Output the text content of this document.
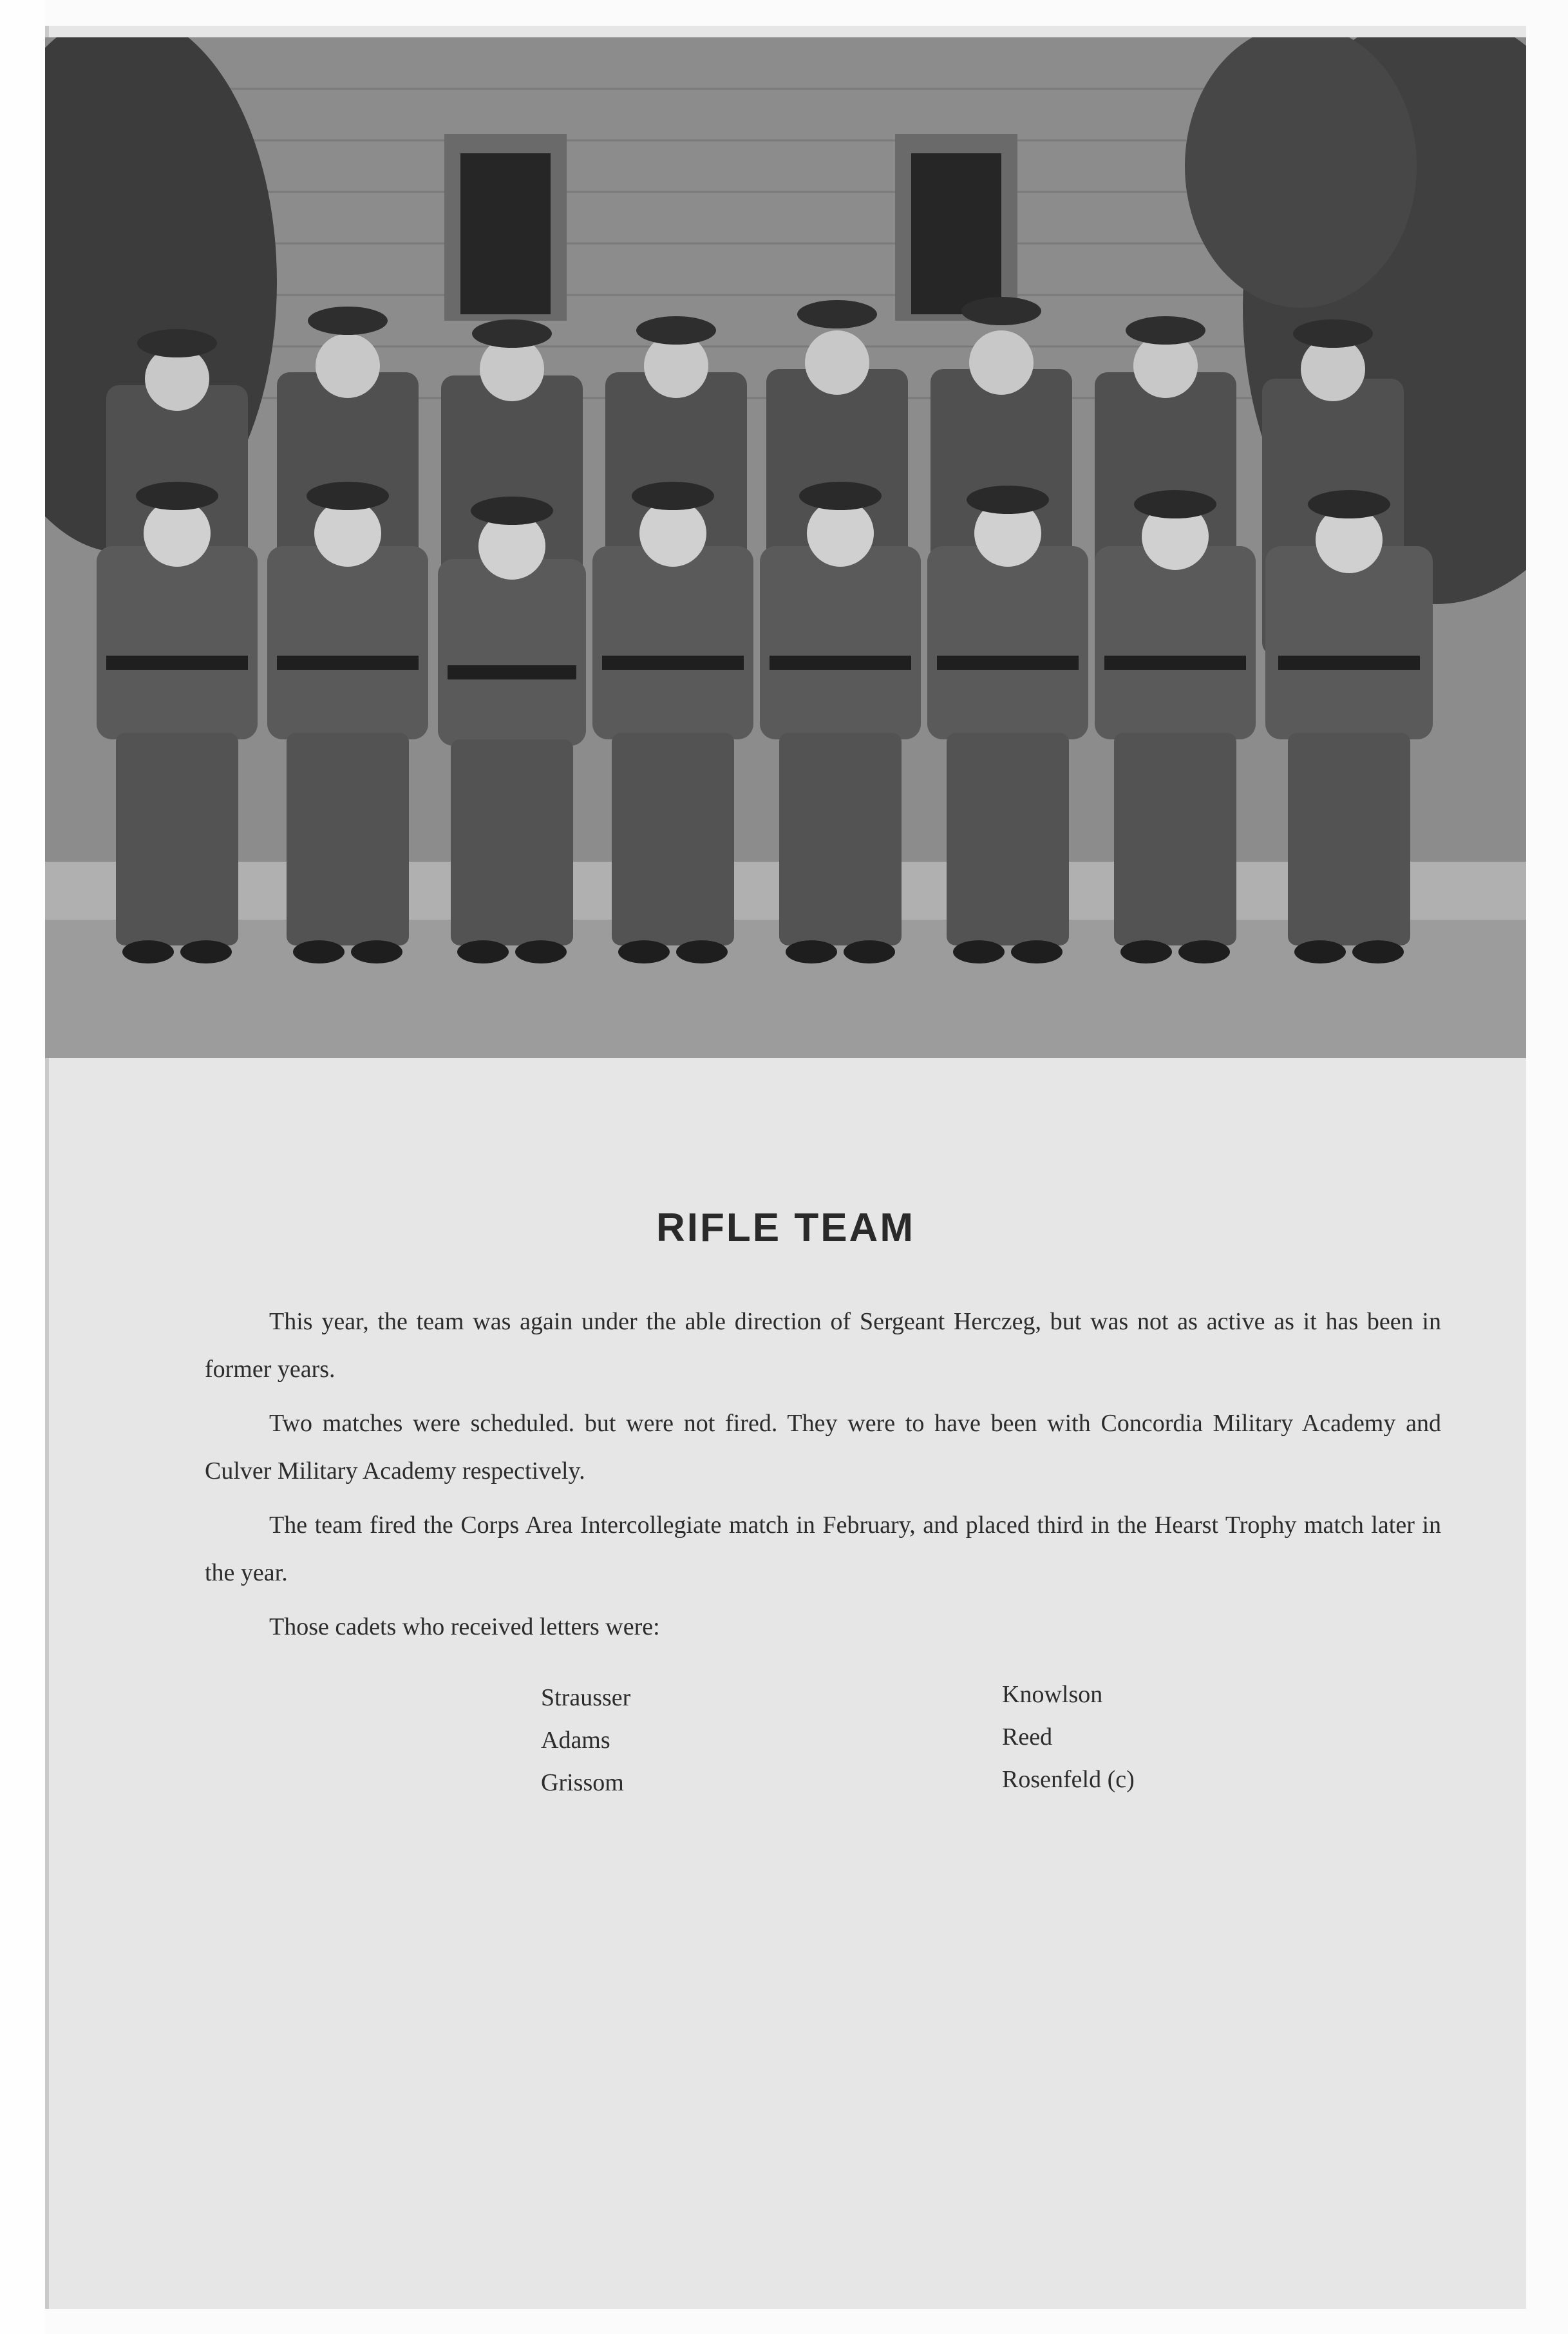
RIFLE TEAM

This year, the team was again under the able direction of Sergeant Herczeg, but was not as active as it has been in former years.

Two matches were scheduled. but were not fired. They were to have been with Concordia Military Academy and Culver Military Academy respectively.

The team fired the Corps Area Intercollegiate match in February, and placed third in the Hearst Trophy match later in the year.

Those cadets who received letters were:

Strausser
Adams
Grissom
Knowlson
Reed
Rosenfeld (c)
